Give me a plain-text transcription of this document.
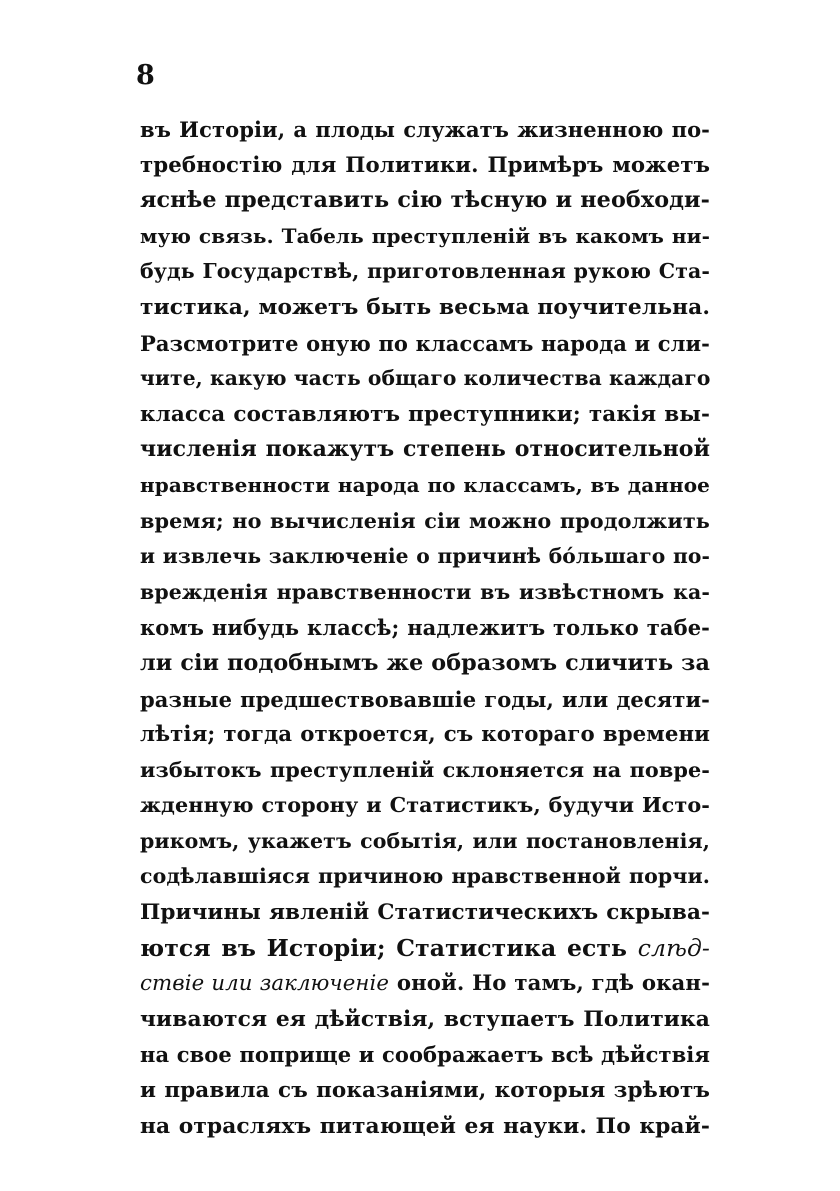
8
въ Исторіи, а плоды служатъ жизненною по-
требностію для Политики. Примѣръ можетъ
яснѣе представить сію тѣсную и необходи-
мую связь. Табель преступленій въ какомъ ни-
будь Государствѣ, приготовленная рукою Ста-
тистика, можетъ быть весьма поучительна.
Разсмотрите оную по классамъ народа и сли-
чите, какую часть общаго количества каждаго
класса составляютъ преступники; такія вы-
численія покажутъ степень относительной
нравственности народа по классамъ, въ данное
время; но вычисленія сіи можно продолжить
и извлечь заключеніе о причинѣ бо́льшаго по-
врежденія нравственности въ извѣстномъ ка-
комъ нибудь классѣ; надлежитъ только табе-
ли сіи подобнымъ же образомъ сличить за
разные предшествовавшіе годы, или десяти-
лѣтія; тогда откроется, съ котораго времени
избытокъ преступленій склоняется на повре-
жденную сторону и Статистикъ, будучи Исто-
рикомъ, укажетъ событія, или постановленія,
содѣлавшіяся причиною нравственной порчи.
Причины явленій Статистическихъ скрыва-
ются въ Исторіи; Статистика есть слѣд-
ствіе или заключеніе оной. Но тамъ, гдѣ окан-
чиваются ея дѣйствія, вступаетъ Политика
на свое поприще и соображаетъ всѣ дѣйствія
и правила съ показаніями, которыя зрѣютъ
на отрасляхъ питающей ея науки. По край-
